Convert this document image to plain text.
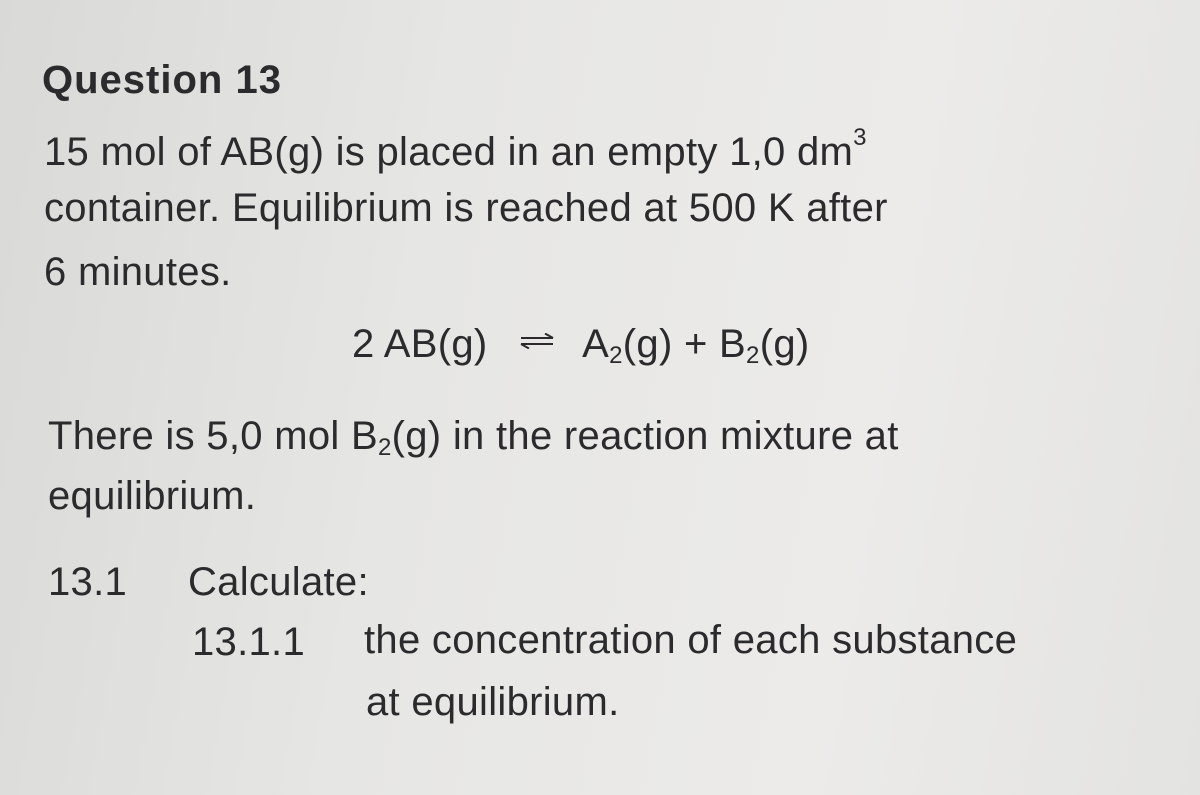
Question 13
15 mol of AB(g) is placed in an empty 1,0 $dm^3$
container. Equilibrium is reached at 500 K after
6 minutes.
2 AB(g) ⇌ $A_2(g) + B_2(g)$
There is 5,0 mol $B_2(g)$ in the reaction mixture at
equilibrium.
13.1 Calculate:
13.1.1 the concentration of each substance
at equilibrium.
